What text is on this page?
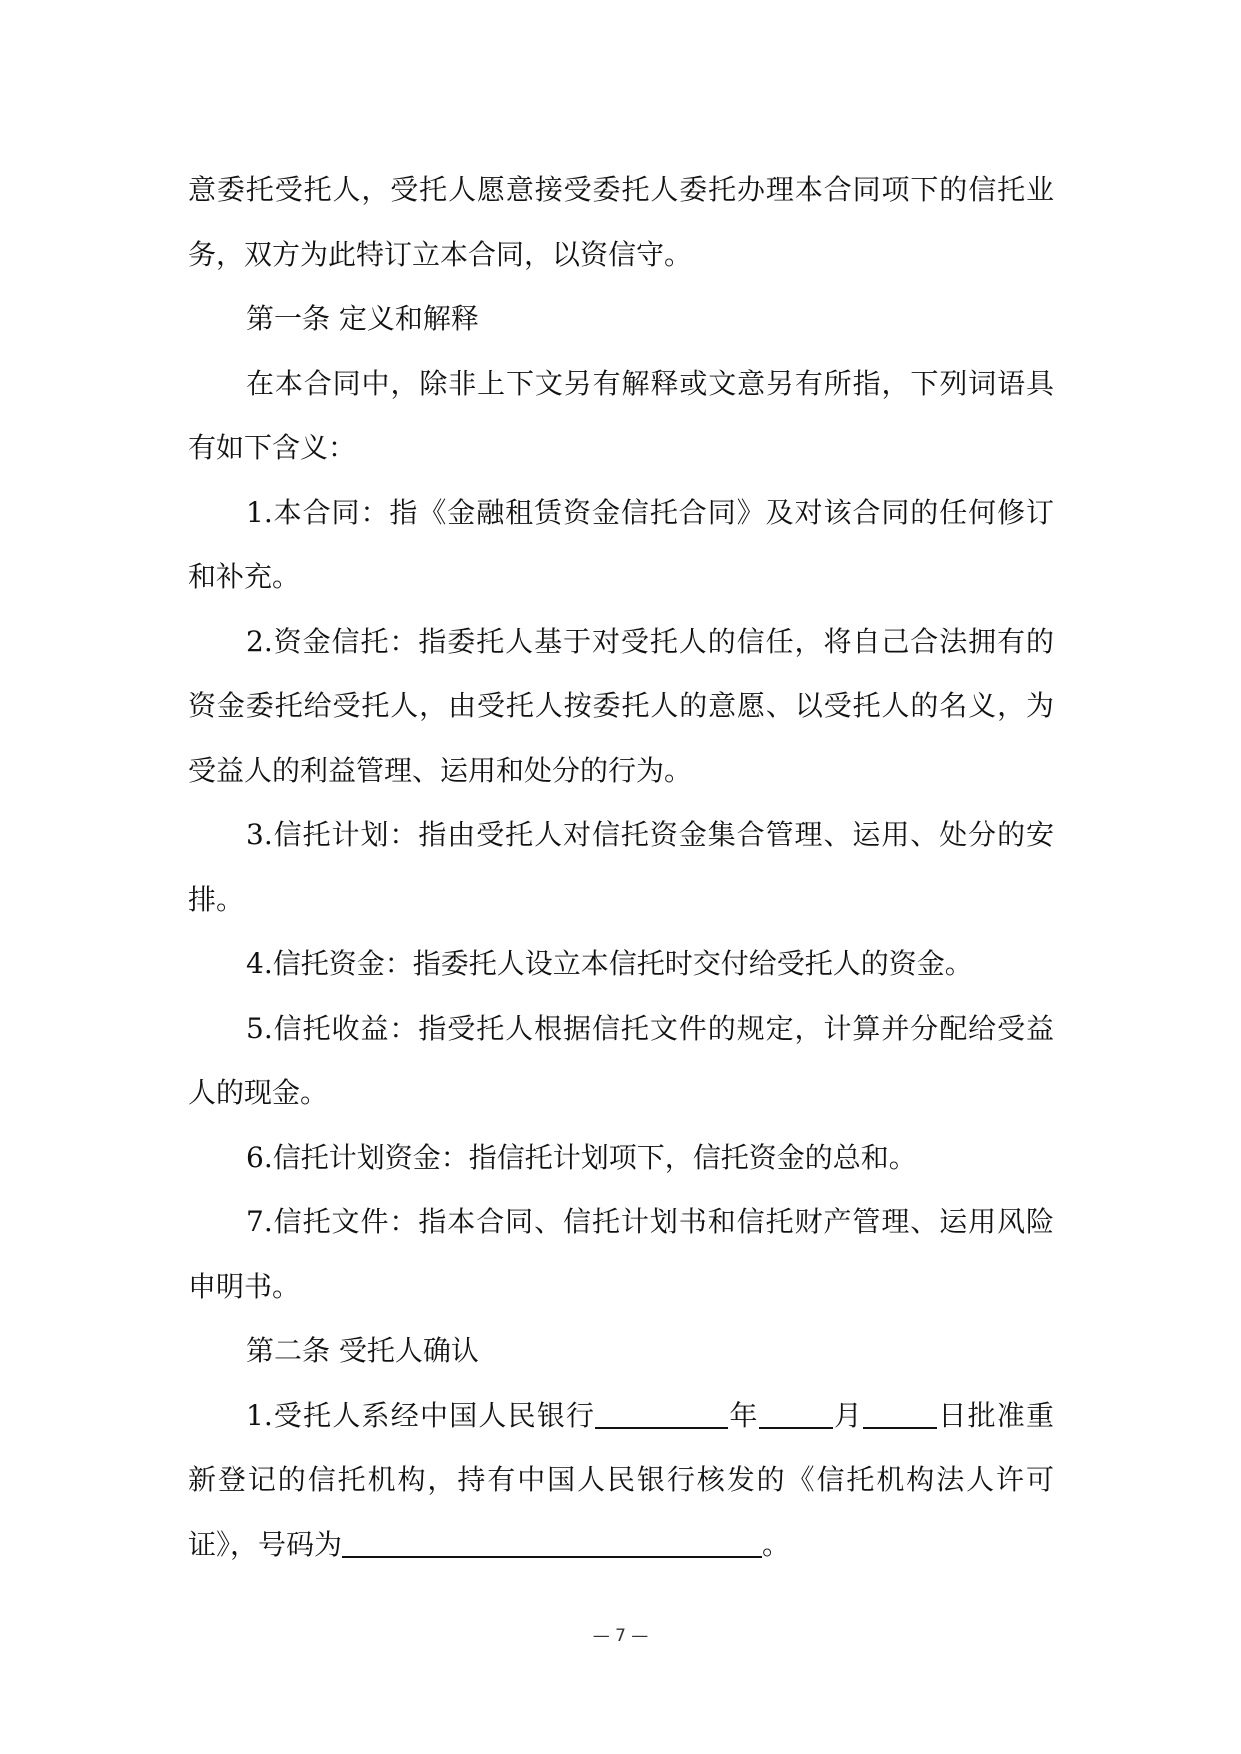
意委托受托人，受托人愿意接受委托人委托办理本合同项下的信托业务，双方为此特订立本合同，以资信守。

第一条 定义和解释

在本合同中，除非上下文另有解释或文意另有所指，下列词语具有如下含义：

1.本合同：指《金融租赁资金信托合同》及对该合同的任何修订和补充。

2.资金信托：指委托人基于对受托人的信任，将自己合法拥有的资金委托给受托人，由受托人按委托人的意愿、以受托人的名义，为受益人的利益管理、运用和处分的行为。

3.信托计划：指由受托人对信托资金集合管理、运用、处分的安排。

4.信托资金：指委托人设立本信托时交付给受托人的资金。

5.信托收益：指受托人根据信托文件的规定，计算并分配给受益人的现金。

6.信托计划资金：指信托计划项下，信托资金的总和。

7.信托文件：指本合同、信托计划书和信托财产管理、运用风险申明书。

第二条 受托人确认

1.受托人系经中国人民银行	年	月	日批准重新登记的信托机构，持有中国人民银行核发的《信托机构法人许可证》，号码为	。

— 7 —
